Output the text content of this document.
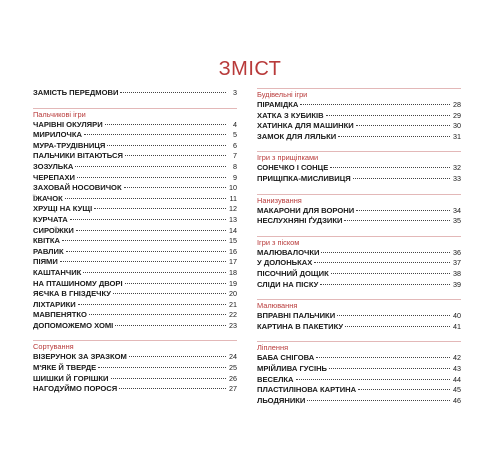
ЗМІСТ
ЗАМІСТЬ ПЕРЕДМОВИ	3
Пальчикові ігри
ЧАРІВНІ ОКУЛЯРИ	4
МИРИЛОЧКА	5
МУРА-ТРУДІВНИЦЯ	6
ПАЛЬЧИКИ ВІТАЮТЬСЯ	7
ЗОЗУЛЬКА	8
ЧЕРЕПАХИ	9
ЗАХОВАЙ НОСОВИЧОК	10
ЇЖАЧОК	11
ХРУЩІ НА КУЩІ	12
КУРЧАТА	13
СИРОЇЖКИ	14
КВІТКА	15
РАВЛИК	16
ПІЯМИ	17
КАШТАНЧИК	18
НА ПТАШИНОМУ ДВОРІ	19
ЯЄЧКА В ГНІЗДЕЧКУ	20
ЛІХТАРИКИ	21
МАВПЕНЯТКО	22
ДОПОМОЖЕМО ХОМІ	23
Сортування
ВІЗЕРУНОК ЗА ЗРАЗКОМ	24
М'ЯКЕ Й ТВЕРДЕ	25
ШИШКИ Й ГОРІШКИ	26
НАГОДУЙМО ПОРОСЯ	27
Будівельні ігри
ПІРАМІДКА	28
ХАТКА З КУБИКІВ	29
ХАТИНКА ДЛЯ МАШИНКИ	30
ЗАМОК ДЛЯ ЛЯЛЬКИ	31
Ігри з прищіпками
СОНЕЧКО І СОНЦЕ	32
ПРИЩІПКА-МИСЛИВИЦЯ	33
Нанизування
МАКАРОНИ ДЛЯ ВОРОНИ	34
НЕСЛУХНЯНІ ҐУДЗИКИ	35
Ігри з піском
МАЛЮВАЛОЧКИ	36
У ДОЛОНЬКАХ	37
ПІСОЧНИЙ ДОЩИК	38
СЛІДИ НА ПІСКУ	39
Малювання
ВПРАВНІ ПАЛЬЧИКИ	40
КАРТИНА В ПАКЕТИКУ	41
Ліплення
БАБА СНІГОВА	42
МРІЙЛИВА ГУСІНЬ	43
ВЕСЕЛКА	44
ПЛАСТИЛІНОВА КАРТИНА	45
ЛЬОДЯНИКИ	46
